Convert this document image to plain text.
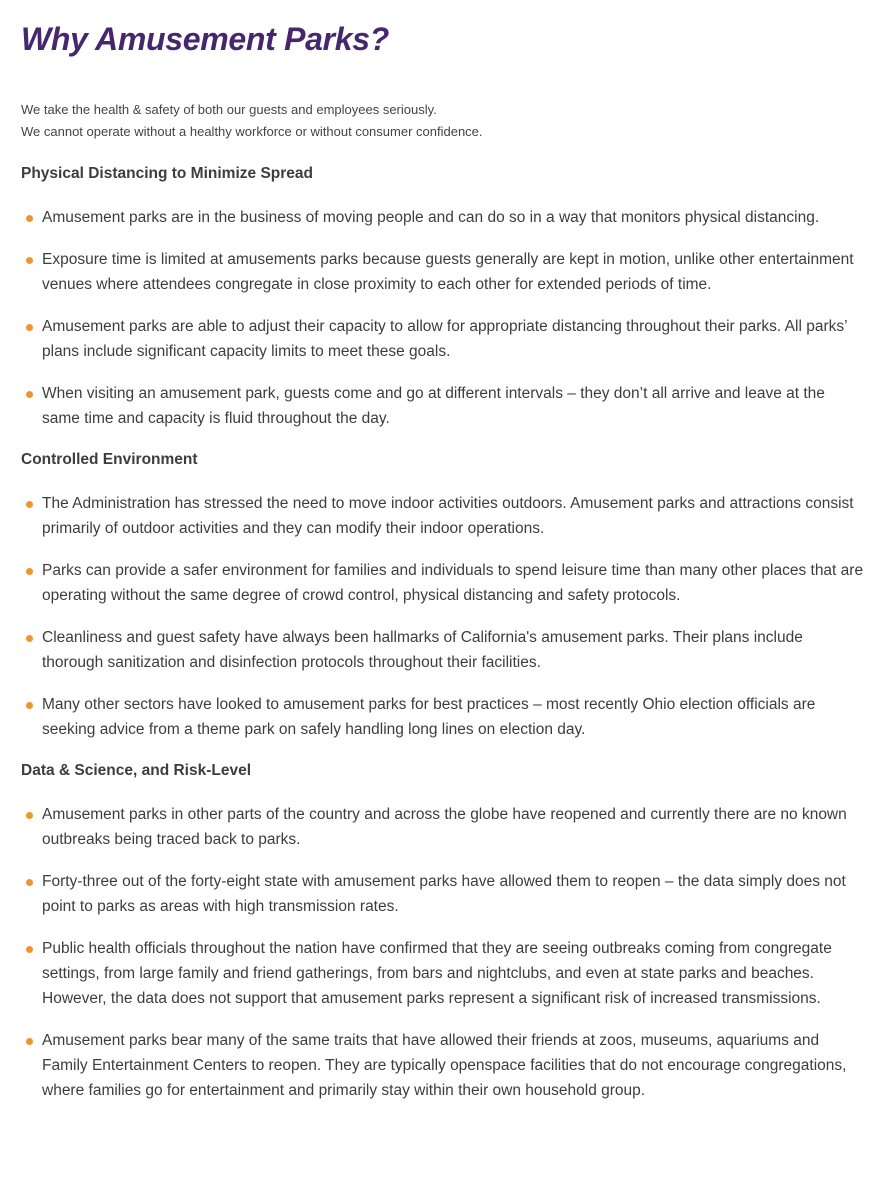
Why Amusement Parks?
We take the health & safety of both our guests and employees seriously.
We cannot operate without a healthy workforce or without consumer confidence.
Physical Distancing to Minimize Spread
Amusement parks are in the business of moving people and can do so in a way that monitors physical distancing.
Exposure time is limited at amusements parks because guests generally are kept in motion, unlike other entertainment venues where attendees congregate in close proximity to each other for extended periods of time.
Amusement parks are able to adjust their capacity to allow for appropriate distancing throughout their parks. All parks’ plans include significant capacity limits to meet these goals.
When visiting an amusement park, guests come and go at different intervals – they don’t all arrive and leave at the same time and capacity is fluid throughout the day.
Controlled Environment
The Administration has stressed the need to move indoor activities outdoors. Amusement parks and attractions consist primarily of outdoor activities and they can modify their indoor operations.
Parks can provide a safer environment for families and individuals to spend leisure time than many other places that are operating without the same degree of crowd control, physical distancing and safety protocols.
Cleanliness and guest safety have always been hallmarks of California's amusement parks. Their plans include thorough sanitization and disinfection protocols throughout their facilities.
Many other sectors have looked to amusement parks for best practices – most recently Ohio election officials are seeking advice from a theme park on safely handling long lines on election day.
Data & Science, and Risk-Level
Amusement parks in other parts of the country and across the globe have reopened and currently there are no known outbreaks being traced back to parks.
Forty-three out of the forty-eight state with amusement parks have allowed them to reopen – the data simply does not point to parks as areas with high transmission rates.
Public health officials throughout the nation have confirmed that they are seeing outbreaks coming from congregate settings, from large family and friend gatherings, from bars and nightclubs, and even at state parks and beaches. However, the data does not support that amusement parks represent a significant risk of increased transmissions.
Amusement parks bear many of the same traits that have allowed their friends at zoos, museums, aquariums and Family Entertainment Centers to reopen. They are typically openspace facilities that do not encourage congregations, where families go for entertainment and primarily stay within their own household group.
